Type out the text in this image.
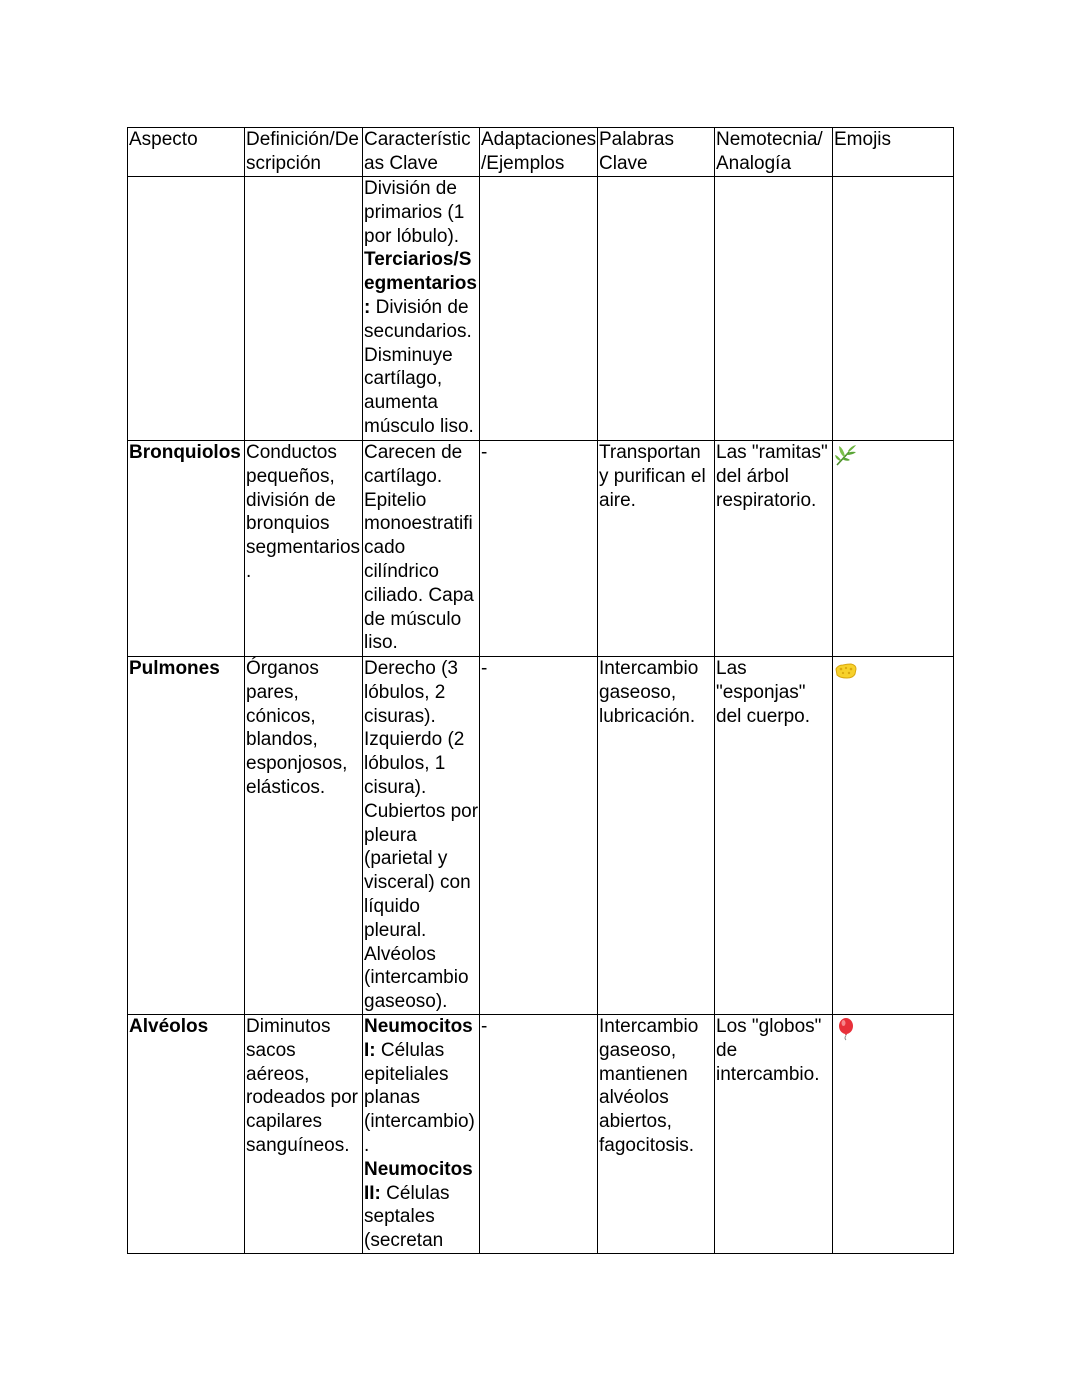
Aspecto	Definición/Descripción	Características Clave	Adaptaciones/Ejemplos	Palabras Clave	Nemotecnia/ Analogía	Emojis
		División de primarios (1 por lóbulo). Terciarios/Segmentarios: División de secundarios. Disminuye cartílago, aumenta músculo liso.				
Bronquiolos	Conductos pequeños, división de bronquios segmentarios.	Carecen de cartílago. Epitelio monoestratificado cilíndrico ciliado. Capa de músculo liso.	-	Transportan y purifican el aire.	Las "ramitas" del árbol respiratorio.	

Pulmones	Órganos pares, cónicos, blandos, esponjosos, elásticos.	Derecho (3 lóbulos, 2 cisuras). Izquierdo (2 lóbulos, 1 cisura). Cubiertos por pleura (parietal y visceral) con líquido pleural. Alvéolos (intercambio gaseoso).	-	Intercambio gaseoso, lubricación.	Las "esponjas" del cuerpo.	

Alvéolos	Diminutos sacos aéreos, rodeados por capilares sanguíneos.	Neumocitos I: Células epiteliales planas (intercambio). Neumocitos II: Células septales (secretan	-	Intercambio gaseoso, mantienen alvéolos abiertos, fagocitosis.	Los "globos" de intercambio.	
